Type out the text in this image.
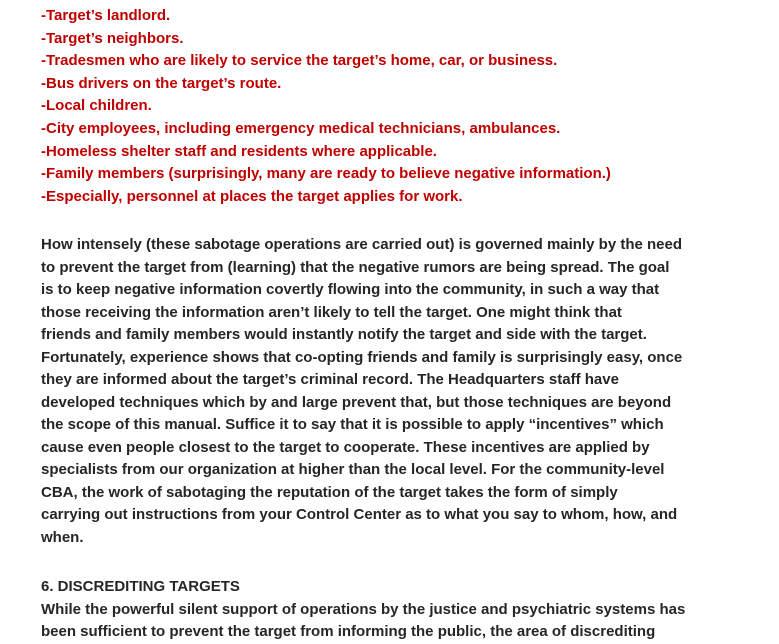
-Target’s landlord.
-Target’s neighbors.
-Tradesmen who are likely to service the target’s home, car, or business.
-Bus drivers on the target’s route.
-Local children.
-City employees, including emergency medical technicians, ambulances.
-Homeless shelter staff and residents where applicable.
-Family members (surprisingly, many are ready to believe negative information.)
-Especially, personnel at places the target applies for work.

How intensely (these sabotage operations are carried out) is governed mainly by the need
to prevent the target from (learning) that the negative rumors are being spread. The goal
is to keep negative information covertly flowing into the community, in such a way that
those receiving the information aren’t likely to tell the target. One might think that
friends and family members would instantly notify the target and side with the target.
Fortunately, experience shows that co-opting friends and family is surprisingly easy, once
they are informed about the target’s criminal record. The Headquarters staff have
developed techniques which by and large prevent that, but those techniques are beyond
the scope of this manual. Suffice it to say that it is possible to apply “incentives” which
cause even people closest to the target to cooperate. These incentives are applied by
specialists from our organization at higher than the local level. For the community-level
CBA, the work of sabotaging the reputation of the target takes the form of simply
carrying out instructions from your Control Center as to what you say to whom, how, and
when.

6. DISCREDITING TARGETS

While the powerful silent support of operations by the justice and psychiatric systems has
been sufficient to prevent the target from informing the public, the area of discrediting
